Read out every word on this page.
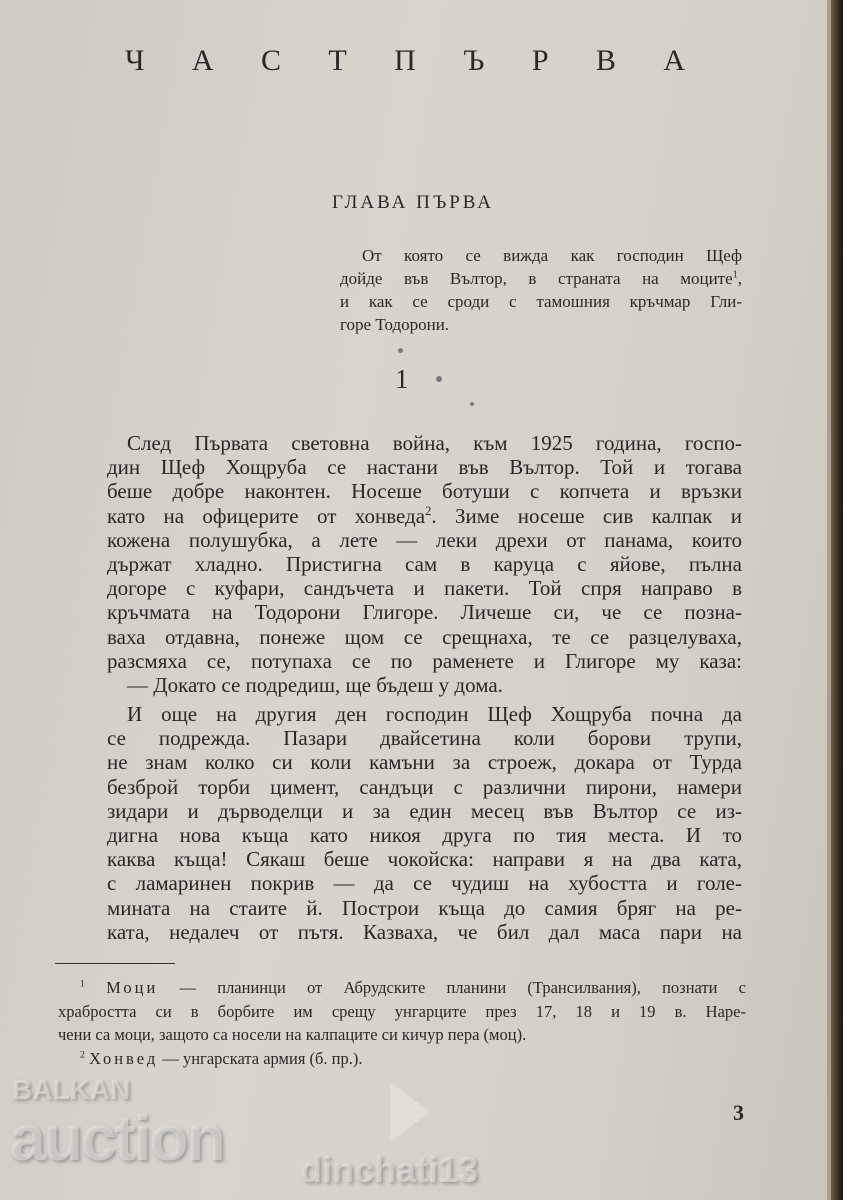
Ч А С Т П Ъ Р В А
ГЛАВА ПЪРВА
От която се вижда как господин Щеф
дойде във Вълтор, в страната на моците$^1$,
и как се сроди с тамошния кръчмар Гли-
горе Тодорони.
1
След Първата световна война, към 1925 година, госпо-
дин Щеф Хощруба се настани във Вълтор. Той и тогава
беше добре наконтен. Носеше ботуши с копчета и връзки
като на офицерите от хонведа$^2$. Зиме носеше сив калпак и
кожена полушубка, а лете — леки дрехи от панама, които
държат хладно. Пристигна сам в каруца с яйове, пълна
догоре с куфари, сандъчета и пакети. Той спря направо в
кръчмата на Тодорони Глигоре. Личеше си, че се позна-
ваха отдавна, понеже щом се срещнаха, те се разцелуваха,
разсмяха се, потупаха се по раменете и Глигоре му каза:
— Докато се подредиш, ще бъдеш у дома.
И още на другия ден господин Щеф Хощруба почна да
се подрежда. Пазари двайсетина коли борови трупи,
не знам колко си коли камъни за строеж, докара от Турда
безброй торби цимент, сандъци с различни пирони, намери
зидари и дърводелци и за един месец във Вълтор се из-
дигна нова къща като никоя друга по тия места. И то
каква къща! Сякаш беше чокойска: направи я на два ката,
с ламаринен покрив — да се чудиш на хубостта и голе-
мината на стаите й. Построи къща до самия бряг на ре-
ката, недалеч от пътя. Казваха, че бил дал маса пари на
$^1$ Моци — планинци от Абрудските планини (Трансилвания), познати с
храбростта си в борбите им срещу унгарците през 17, 18 и 19 в. Наре-
чени са моци, защото са носели на калпаците си кичур пера (моц).
$^2$ Хонвед — унгарската армия (б. пр.).
3
BALKAN
auction dinchati13
